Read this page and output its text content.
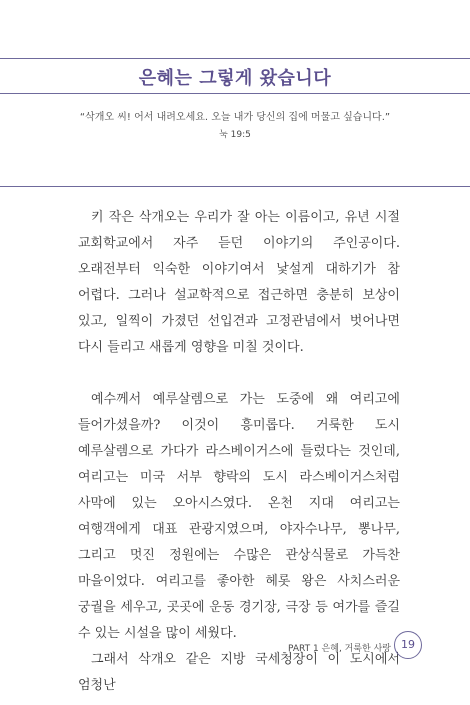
은혜는 그렇게 왔습니다
“삭개오 씨! 어서 내려오세요. 오늘 내가 당신의 집에 머물고 싶습니다.”
눅 19:5

키 작은 삭개오는 우리가 잘 아는 이름이고, 유년 시절 교회학교에서 자주 듣던 이야기의 주인공이다. 오래전부터 익숙한 이야기여서 낯설게 대하기가 참 어렵다. 그러나 설교학적으로 접근하면 충분히 보상이 있고, 일찍이 가졌던 선입견과 고정관념에서 벗어나면 다시 들리고 새롭게 영향을 미칠 것이다.

예수께서 예루살렘으로 가는 도중에 왜 여리고에 들어가셨을까? 이것이 흥미롭다. 거룩한 도시 예루살렘으로 가다가 라스베이거스에 들렀다는 것인데, 여리고는 미국 서부 향락의 도시 라스베이거스처럼 사막에 있는 오아시스였다. 온천 지대 여리고는 여행객에게 대표 관광지였으며, 야자수나무, 뽕나무, 그리고 멋진 정원에는 수많은 관상식물로 가득찬 마을이었다. 여리고를 좋아한 헤롯 왕은 사치스러운 궁궐을 세우고, 곳곳에 운동 경기장, 극장 등 여가를 즐길 수 있는 시설을 많이 세웠다.

그래서 삭개오 같은 지방 국세청장이 이 도시에서 엄청난

PART 1 은혜, 거룩한 사랑 19
